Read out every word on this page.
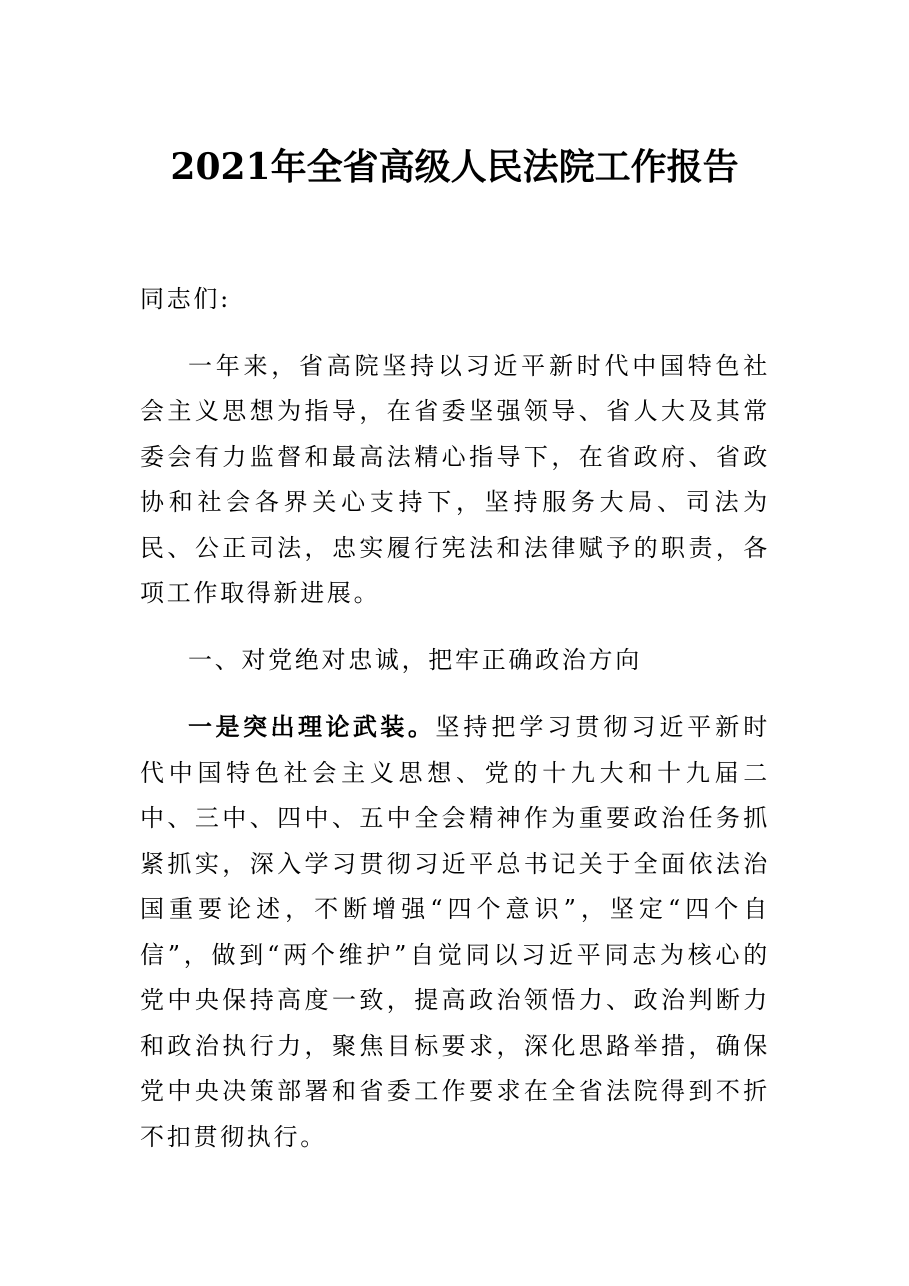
2021年全省高级人民法院工作报告

同志们:

一年来，省高院坚持以习近平新时代中国特色社会主义思想为指导，在省委坚强领导、省人大及其常委会有力监督和最高法精心指导下，在省政府、省政协和社会各界关心支持下，坚持服务大局、司法为民、公正司法，忠实履行宪法和法律赋予的职责，各项工作取得新进展。

一、对党绝对忠诚，把牢正确政治方向

一是突出理论武装。坚持把学习贯彻习近平新时代中国特色社会主义思想、党的十九大和十九届二中、三中、四中、五中全会精神作为重要政治任务抓紧抓实，深入学习贯彻习近平总书记关于全面依法治国重要论述，不断增强“四个意识”，坚定“四个自信”，做到“两个维护”自觉同以习近平同志为核心的党中央保持高度一致，提高政治领悟力、政治判断力和政治执行力，聚焦目标要求，深化思路举措，确保党中央决策部署和省委工作要求在全省法院得到不折不扣贯彻执行。
